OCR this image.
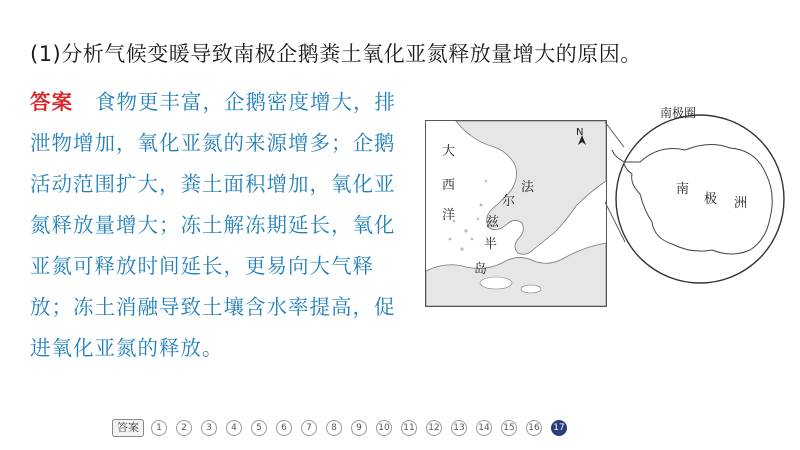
(1)分析气候变暖导致南极企鹅粪土氧化亚氮释放量增大的原因。
答案 食物更丰富，企鹅密度增大，排泄物增加，氧化亚氮的来源增多；企鹅活动范围扩大，粪土面积增加，氧化亚氮释放量增大；冻土解冻期延长，氧化亚氮可释放时间延长，更易向大气释放；冻土消融导致土壤含水率提高，促进氧化亚氮的释放。
N
大
西
洋
尔
兹
半
岛
法
南极圈
南
极 洲
答案	1	2	3	4	5	6	7	8	9	10 11 12 13 14 15 16 17
